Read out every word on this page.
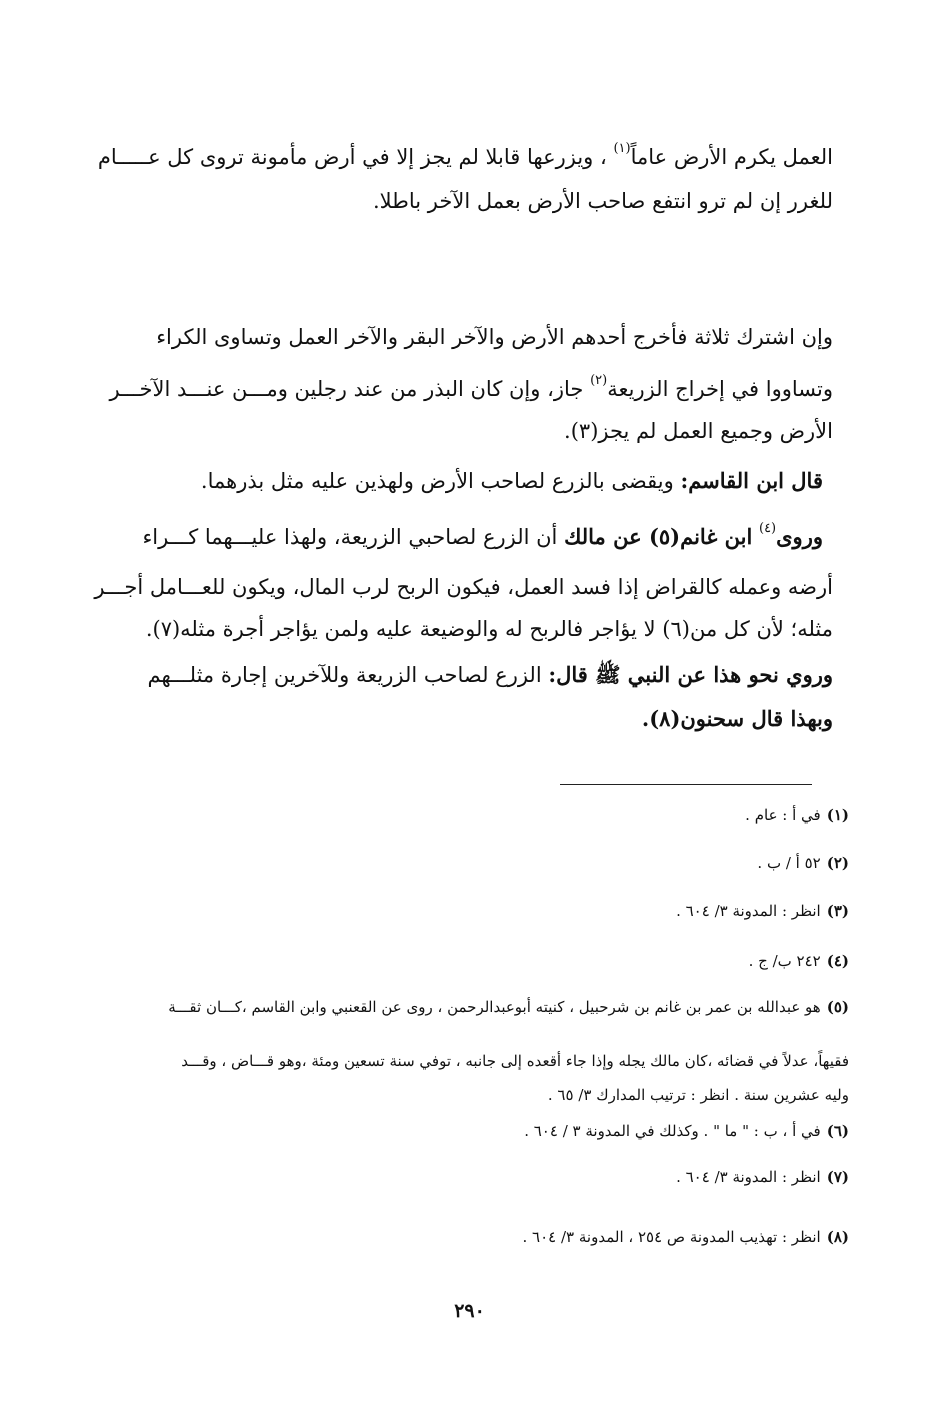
العمل يكرم الأرض عاماً$^{(١)}$ ، ويزرعها قابلا لم يجز إلا في أرض مأمونة تروى كل عـــــام
للغرر إن لم ترو انتفع صاحب الأرض بعمل الآخر باطلا.
وإن اشترك ثلاثة فأخرج أحدهم الأرض والآخر البقر والآخر العمل وتساوى الكراء
وتساووا في إخراج الزريعة$^{(٢)}$ جاز، وإن كان البذر من عند رجلين ومـــن عنـــد الآخـــر
الأرض وجميع العمل لم يجز(٣).
قال ابن القاسم: ويقضى بالزرع لصاحب الأرض ولهذين عليه مثل بذرهما.
وروى$^{(٤)}$ ابن غانم(٥) عن مالك أن الزرع لصاحبي الزريعة، ولهذا عليـــهما كـــراء
أرضه وعمله كالقراض إذا فسد العمل، فيكون الربح لرب المال، ويكون للعـــامل أجـــر
مثله؛ لأن كل من(٦) لا يؤاجر فالربح له والوضيعة عليه ولمن يؤاجر أجرة مثله(٧).
وروي نحو هذا عن النبي ﷺ قال: الزرع لصاحب الزريعة وللآخرين إجارة مثلـــهم
وبهذا قال سحنون(٨).
(١)في أ : عام .
(٢)٥٢ أ / ب .
(٣)انظر : المدونة ٣/ ٦٠٤ .
(٤)٢٤٢ ب/ ج .
(٥)هو عبدالله بن عمر بن غانم بن شرحبيل ، كنيته أبوعبدالرحمن ، روى عن القعنبي وابن القاسم ،كـــان ثقـــة
فقيهاً، عدلاً في قضائه ،كان مالك يجله وإذا جاء أقعده إلى جانبه ، توفي سنة تسعين ومئة ،وهو قـــاض ، وقـــد
وليه عشرين سنة . انظر : ترتيب المدارك ٣/ ٦٥ .
(٦)في أ ، ب : " ما " . وكذلك في المدونة ٣ / ٦٠٤ .
(٧)انظر : المدونة ٣/ ٦٠٤ .
(٨)انظر : تهذيب المدونة ص ٢٥٤ ، المدونة ٣/ ٦٠٤ .
٢٩٠
